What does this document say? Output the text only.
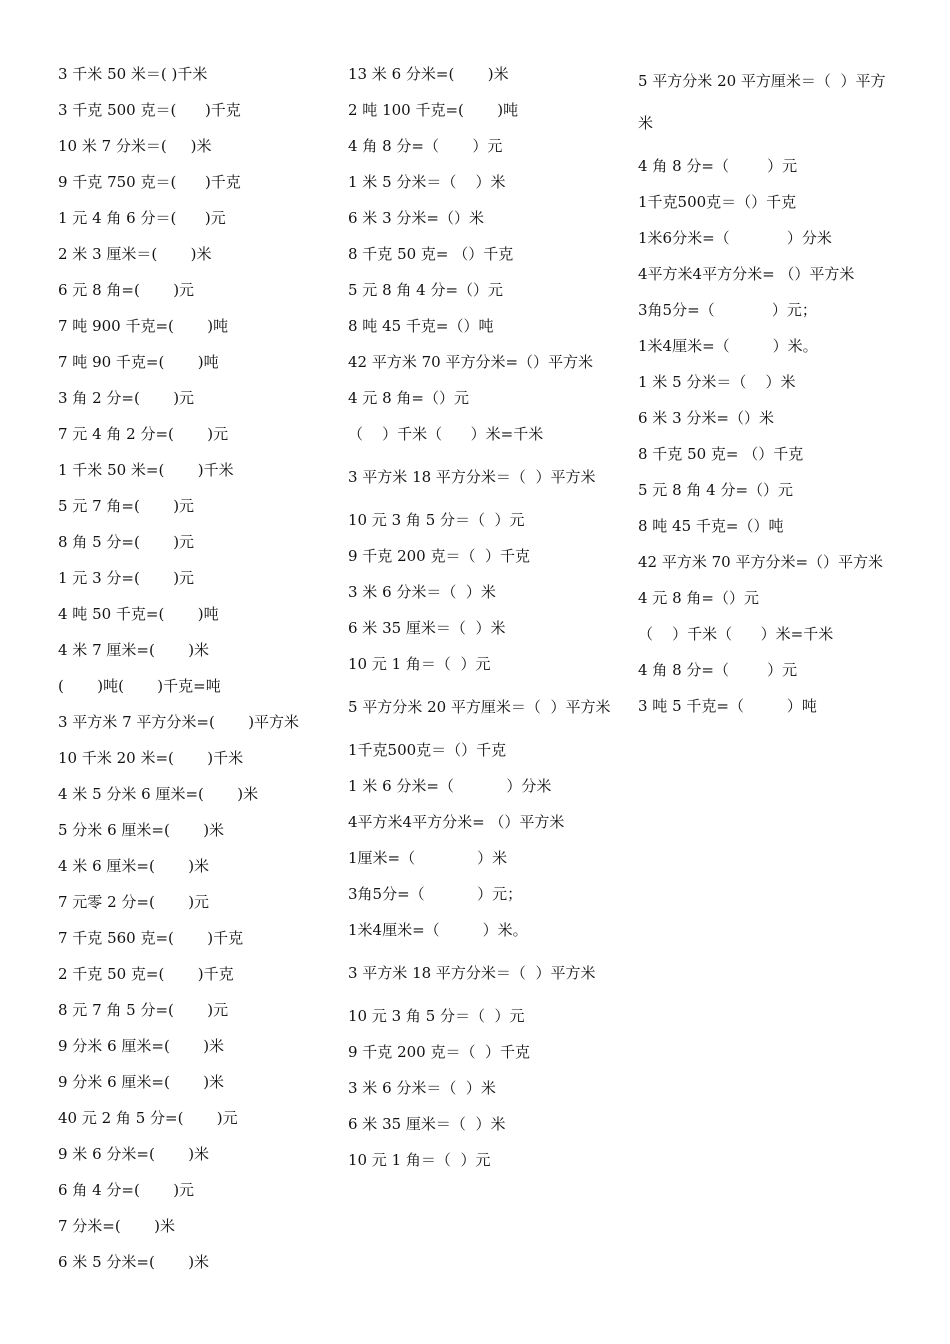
3 千米 50 米＝( )千米
3 千克 500 克＝(      )千克
10 米 7 分米＝(     )米
9 千克 750 克＝(      )千克
1 元 4 角 6 分＝(      )元
2 米 3 厘米＝(       )米
6 元 8 角=(       )元
7 吨 900 千克=(       )吨
7 吨 90 千克=(       )吨
3 角 2 分=(       )元
7 元 4 角 2 分=(       )元
1 千米 50 米=(       )千米
5 元 7 角=(       )元
8 角 5 分=(       )元
1 元 3 分=(       )元
4 吨 50 千克=(       )吨
4 米 7 厘米=(       )米
(       )吨(       )千克=吨
3 平方米 7 平方分米=(       )平方米
10 千米 20 米=(       )千米
4 米 5 分米 6 厘米=(       )米
5 分米 6 厘米=(       )米
4 米 6 厘米=(       )米
7 元零 2 分=(       )元
7 千克 560 克=(       )千克
2 千克 50 克=(       )千克
8 元 7 角 5 分=(       )元
9 分米 6 厘米=(       )米
9 分米 6 厘米=(       )米
40 元 2 角 5 分=(       )元
9 米 6 分米=(       )米
6 角 4 分=(       )元
7 分米=(       )米
6 米 5 分米=(       )米
13 米 6 分米=(       )米
2 吨 100 千克=(       )吨
4 角 8 分=（       ）元
1 米 5 分米＝（    ）米
6 米 3 分米=（）米
8 千克 50 克= （）千克
5 元 8 角 4 分=（）元
8 吨 45 千克=（）吨
42 平方米 70 平方分米=（）平方米
4 元 8 角=（）元
（    ）千米（      ）米=千米
3 平方米 18 平方分米＝（  ）平方米
10 元 3 角 5 分＝（  ）元
9 千克 200 克＝（  ）千克
3 米 6 分米＝（  ）米
6 米 35 厘米＝（  ）米
10 元 1 角＝（  ）元
5 平方分米 20 平方厘米＝（  ）平方米
1千克500克＝（）千克
1 米 6 分米=（           ）分米
4平方米4平方分米= （）平方米
1厘米=（             ）米
3角5分=（           ）元；
1米4厘米=（         ）米。
3 平方米 18 平方分米＝（  ）平方米
10 元 3 角 5 分＝（  ）元
9 千克 200 克＝（  ）千克
3 米 6 分米＝（  ）米
6 米 35 厘米＝（  ）米
10 元 1 角＝（  ）元
5 平方分米 20 平方厘米＝（  ）平方米
4 角 8 分=（        ）元
1千克500克＝（）千克
1米6分米=（            ）分米
4平方米4平方分米= （）平方米
3角5分=（            ）元；
1米4厘米=（         ）米。
1 米 5 分米＝（    ）米
6 米 3 分米=（）米
8 千克 50 克= （）千克
5 元 8 角 4 分=（）元
8 吨 45 千克=（）吨
42 平方米 70 平方分米=（）平方米
4 元 8 角=（）元
（    ）千米（      ）米=千米
4 角 8 分=（        ）元
3 吨 5 千克=（         ）吨
